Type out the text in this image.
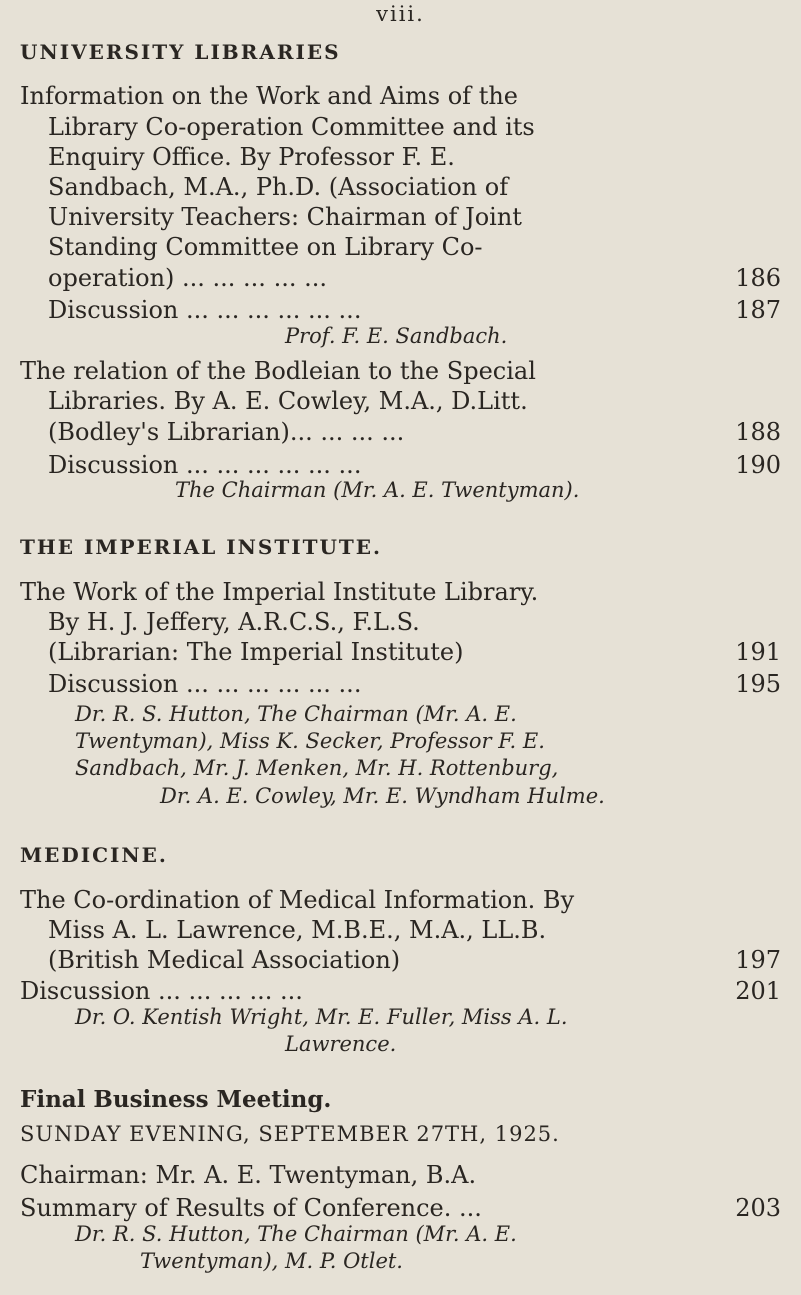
viii.
UNIVERSITY LIBRARIES
Information on the Work and Aims of the
Library Co-operation Committee and its
Enquiry Office. By Professor F. E.
Sandbach, M.A., Ph.D. (Association of
University Teachers: Chairman of Joint
Standing Committee on Library Co-
operation) ... ... ... ... ...	186
Discussion ... ... ... ... ... ...	187
Prof. F. E. Sandbach.
The relation of the Bodleian to the Special
Libraries. By A. E. Cowley, M.A., D.Litt.
(Bodley's Librarian)... ... ... ...	188
Discussion ... ... ... ... ... ...	190
The Chairman (Mr. A. E. Twentyman).
THE IMPERIAL INSTITUTE.
The Work of the Imperial Institute Library.
By H. J. Jeffery, A.R.C.S., F.L.S.
(Librarian: The Imperial Institute)	191
Discussion ... ... ... ... ... ...	195
Dr. R. S. Hutton, The Chairman (Mr. A. E.
Twentyman), Miss K. Secker, Professor F. E.
Sandbach, Mr. J. Menken, Mr. H. Rottenburg,
Dr. A. E. Cowley, Mr. E. Wyndham Hulme.
MEDICINE.
The Co-ordination of Medical Information. By
Miss A. L. Lawrence, M.B.E., M.A., LL.B.
(British Medical Association)	197
Discussion ... ... ... ... ...	201
Dr. O. Kentish Wright, Mr. E. Fuller, Miss A. L.
Lawrence.
Final Business Meeting.
SUNDAY EVENING, SEPTEMBER 27TH, 1925.
Chairman: Mr. A. E. Twentyman, B.A.
Summary of Results of Conference. ...	203
Dr. R. S. Hutton, The Chairman (Mr. A. E.
Twentyman), M. P. Otlet.
